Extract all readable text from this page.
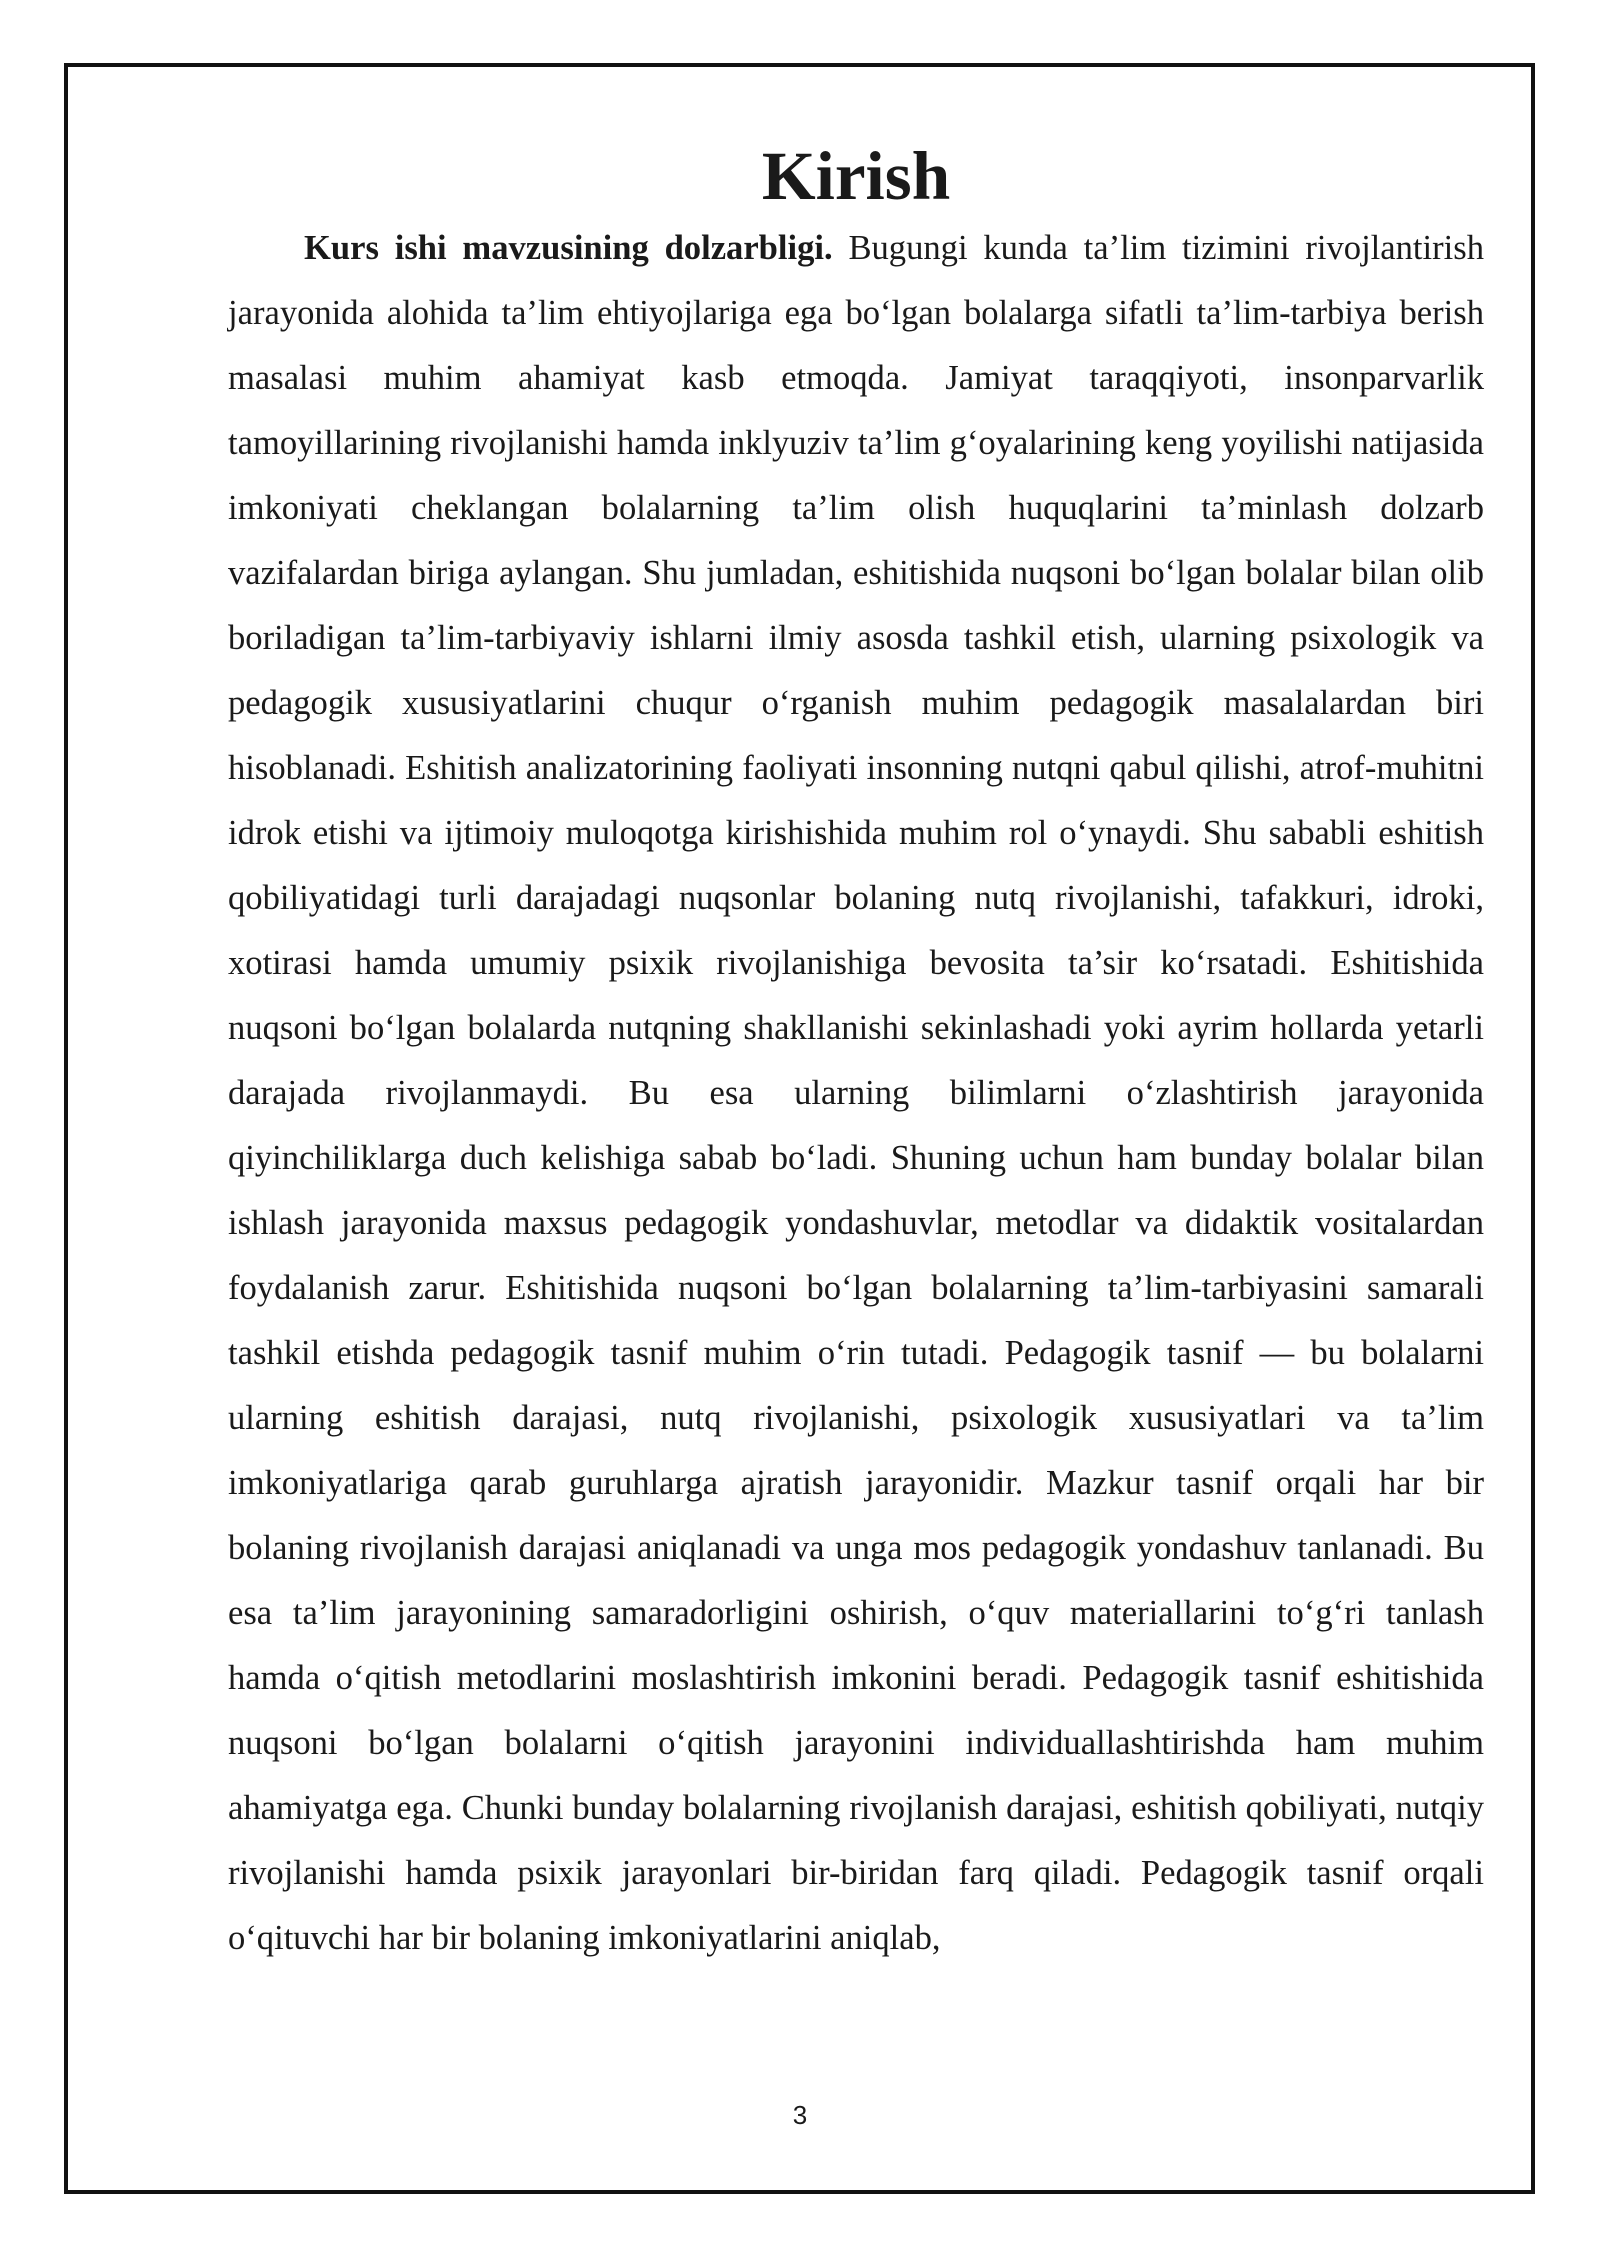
Kirish

Kurs ishi mavzusining dolzarbligi. Bugungi kunda ta’lim tizimini rivojlantirish jarayonida alohida ta’lim ehtiyojlariga ega bo‘lgan bolalarga sifatli ta’lim-tarbiya berish masalasi muhim ahamiyat kasb etmoqda. Jamiyat taraqqiyoti, insonparvarlik tamoyillarining rivojlanishi hamda inklyuziv ta’lim g‘oyalarining keng yoyilishi natijasida imkoniyati cheklangan bolalarning ta’lim olish huquqlarini ta’minlash dolzarb vazifalardan biriga aylangan. Shu jumladan, eshitishida nuqsoni bo‘lgan bolalar bilan olib boriladigan ta’lim-tarbiyaviy ishlarni ilmiy asosda tashkil etish, ularning psixologik va pedagogik xususiyatlarini chuqur o‘rganish muhim pedagogik masalalardan biri hisoblanadi. Eshitish analizatorining faoliyati insonning nutqni qabul qilishi, atrof-muhitni idrok etishi va ijtimoiy muloqotga kirishishida muhim rol o‘ynaydi. Shu sababli eshitish qobiliyatidagi turli darajadagi nuqsonlar bolaning nutq rivojlanishi, tafakkuri, idroki, xotirasi hamda umumiy psixik rivojlanishiga bevosita ta’sir ko‘rsatadi. Eshitishida nuqsoni bo‘lgan bolalarda nutqning shakllanishi sekinlashadi yoki ayrim hollarda yetarli darajada rivojlanmaydi. Bu esa ularning bilimlarni o‘zlashtirish jarayonida qiyinchiliklarga duch kelishiga sabab bo‘ladi. Shuning uchun ham bunday bolalar bilan ishlash jarayonida maxsus pedagogik yondashuvlar, metodlar va didaktik vositalardan foydalanish zarur. Eshitishida nuqsoni bo‘lgan bolalarning ta’lim-tarbiyasini samarali tashkil etishda pedagogik tasnif muhim o‘rin tutadi. Pedagogik tasnif — bu bolalarni ularning eshitish darajasi, nutq rivojlanishi, psixologik xususiyatlari va ta’lim imkoniyatlariga qarab guruhlarga ajratish jarayonidir. Mazkur tasnif orqali har bir bolaning rivojlanish darajasi aniqlanadi va unga mos pedagogik yondashuv tanlanadi. Bu esa ta’lim jarayonining samaradorligini oshirish, o‘quv materiallarini to‘g‘ri tanlash hamda o‘qitish metodlarini moslashtirish imkonini beradi. Pedagogik tasnif eshitishida nuqsoni bo‘lgan bolalarni o‘qitish jarayonini individuallashtirishda ham muhim ahamiyatga ega. Chunki bunday bolalarning rivojlanish darajasi, eshitish qobiliyati, nutqiy rivojlanishi hamda psixik jarayonlari bir-biridan farq qiladi. Pedagogik tasnif orqali o‘qituvchi har bir bolaning imkoniyatlarini aniqlab,

3
